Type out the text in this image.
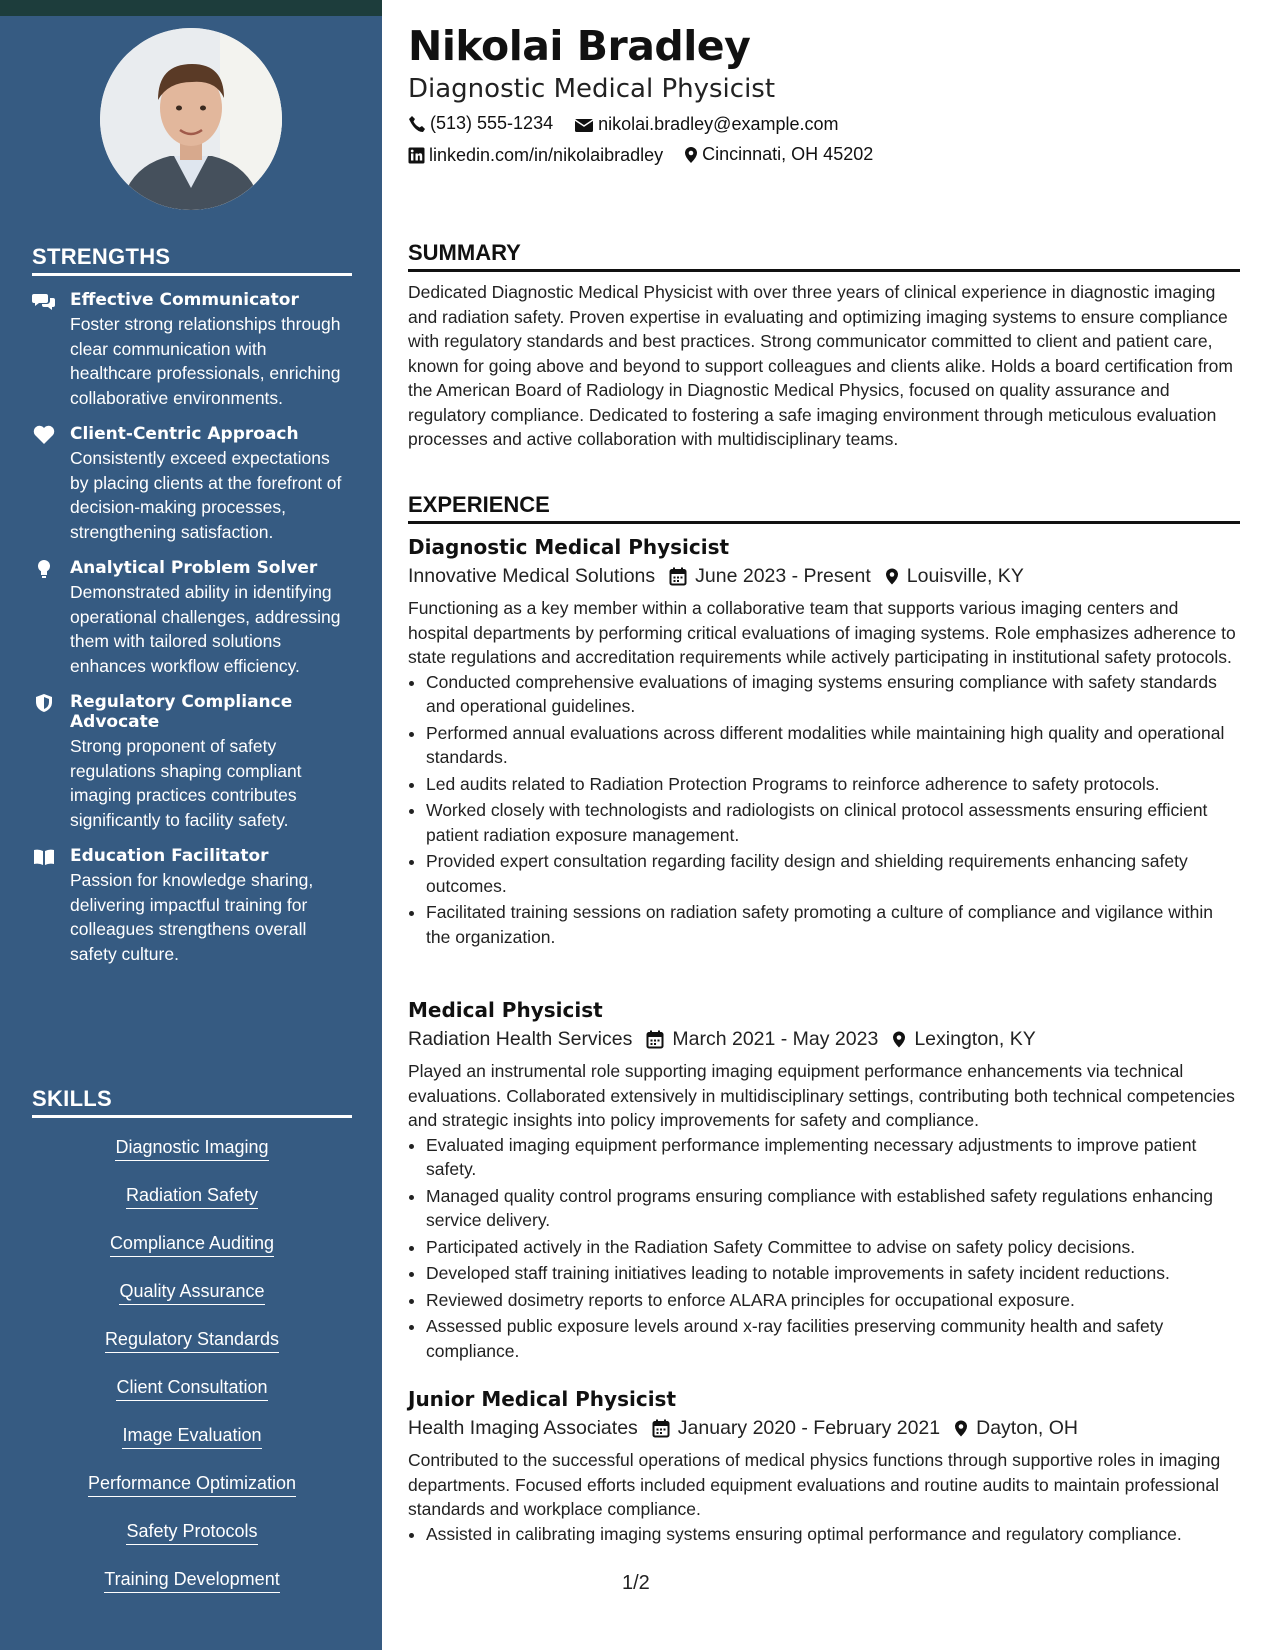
STRENGTHS
Effective Communicator
Foster strong relationships through clear communication with healthcare professionals, enriching collaborative environments.
Client-Centric Approach
Consistently exceed expectations by placing clients at the forefront of decision-making processes, strengthening satisfaction.
Analytical Problem Solver
Demonstrated ability in identifying operational challenges, addressing them with tailored solutions enhances workflow efficiency.
Regulatory Compliance Advocate
Strong proponent of safety regulations shaping compliant imaging practices contributes significantly to facility safety.
Education Facilitator
Passion for knowledge sharing, delivering impactful training for colleagues strengthens overall safety culture.
SKILLS
Diagnostic Imaging
Radiation Safety
Compliance Auditing
Quality Assurance
Regulatory Standards
Client Consultation
Image Evaluation
Performance Optimization
Safety Protocols
Training Development
Nikolai Bradley
Diagnostic Medical Physicist
(513) 555-1234
	nikolai.bradley@example.com
linkedin.com/in/nikolaibradley
Cincinnati, OH 45202
SUMMARY
Dedicated Diagnostic Medical Physicist with over three years of clinical experience in diagnostic imaging and radiation safety. Proven expertise in evaluating and optimizing imaging systems to ensure compliance with regulatory standards and best practices. Strong communicator committed to client and patient care, known for going above and beyond to support colleagues and clients alike. Holds a board certification from the American Board of Radiology in Diagnostic Medical Physics, focused on quality assurance and regulatory compliance. Dedicated to fostering a safe imaging environment through meticulous evaluation processes and active collaboration with multidisciplinary teams.
EXPERIENCE
Diagnostic Medical Physicist
Innovative Medical Solutions June 2023 - Present Louisville, KY
Functioning as a key member within a collaborative team that supports various imaging centers and hospital departments by performing critical evaluations of imaging systems. Role emphasizes adherence to state regulations and accreditation requirements while actively participating in institutional safety protocols.
• Conducted comprehensive evaluations of imaging systems ensuring compliance with safety standards and operational guidelines.
• Performed annual evaluations across different modalities while maintaining high quality and operational standards.
• Led audits related to Radiation Protection Programs to reinforce adherence to safety protocols.
• Worked closely with technologists and radiologists on clinical protocol assessments ensuring efficient patient radiation exposure management.
• Provided expert consultation regarding facility design and shielding requirements enhancing safety outcomes.
• Facilitated training sessions on radiation safety promoting a culture of compliance and vigilance within the organization.
Medical Physicist
Radiation Health Services March 2021 - May 2023 Lexington, KY
Played an instrumental role supporting imaging equipment performance enhancements via technical evaluations. Collaborated extensively in multidisciplinary settings, contributing both technical competencies and strategic insights into policy improvements for safety and compliance.
• Evaluated imaging equipment performance implementing necessary adjustments to improve patient safety.
• Managed quality control programs ensuring compliance with established safety regulations enhancing service delivery.
• Participated actively in the Radiation Safety Committee to advise on safety policy decisions.
• Developed staff training initiatives leading to notable improvements in safety incident reductions.
• Reviewed dosimetry reports to enforce ALARA principles for occupational exposure.
• Assessed public exposure levels around x-ray facilities preserving community health and safety compliance.
Junior Medical Physicist
Health Imaging Associates January 2020 - February 2021 Dayton, OH
Contributed to the successful operations of medical physics functions through supportive roles in imaging departments. Focused efforts included equipment evaluations and routine audits to maintain professional standards and workplace compliance.
• Assisted in calibrating imaging systems ensuring optimal performance and regulatory compliance.
1/2
